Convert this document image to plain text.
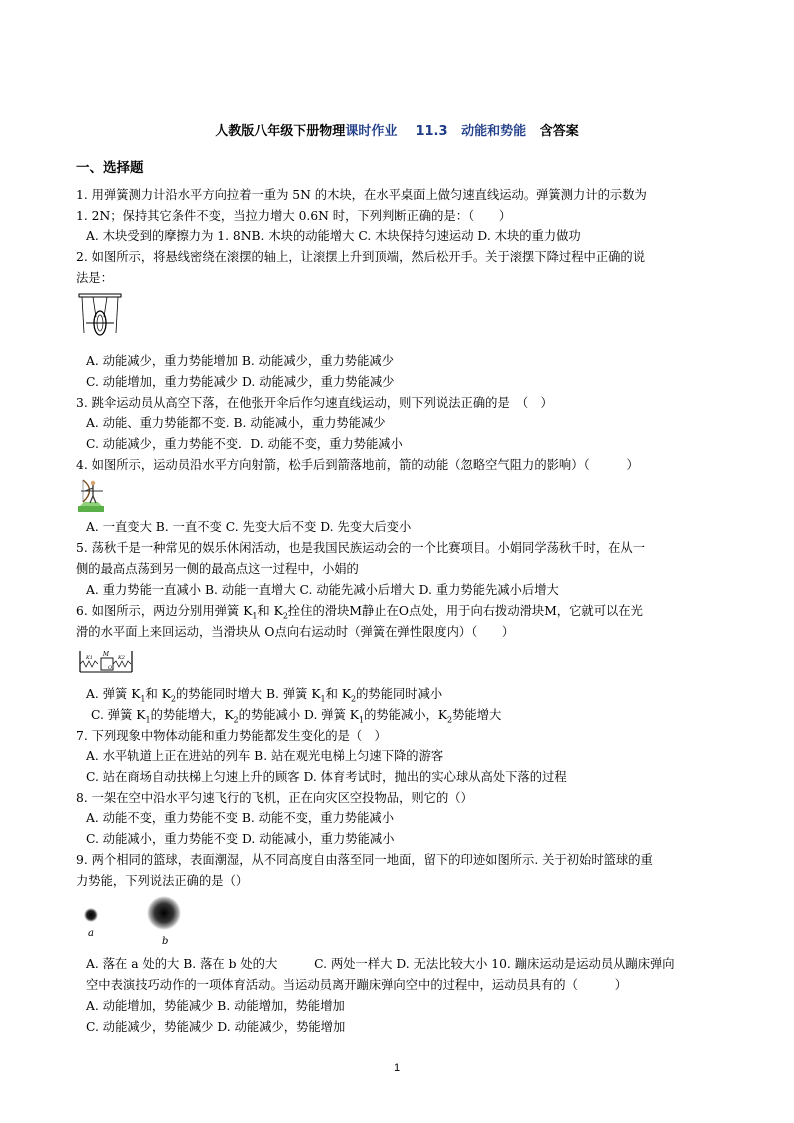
人教版八年级下册物理课时作业 11.3 动能和势能 含答案
一、选择题
1. 用弹簧测力计沿水平方向拉着一重为 5N 的木块，在水平桌面上做匀速直线运动。弹簧测力计的示数为
1. 2N；保持其它条件不变，当拉力增大 0.6N 时，下列判断正确的是：（　　）
A. 木块受到的摩擦力为 1. 8NB. 木块的动能增大 C. 木块保持匀速运动 D. 木块的重力做功
2. 如图所示，将悬线密绕在滚摆的轴上，让滚摆上升到顶端，然后松开手。关于滚摆下降过程中正确的说
法是：
A. 动能减少，重力势能增加 B. 动能减少，重力势能减少
C. 动能增加，重力势能减少 D. 动能减少，重力势能减少
3. 跳伞运动员从高空下落，在他张开伞后作匀速直线运动，则下列说法正确的是　（　）
A. 动能、重力势能都不变. B. 动能减小，重力势能减少
C. 动能减少，重力势能不变．D. 动能不变，重力势能减小
4. 如图所示，运动员沿水平方向射箭，松手后到箭落地前，箭的动能（忽略空气阻力的影响）（　　　）
A. 一直变大 B. 一直不变 C. 先变大后不变 D. 先变大后变小
5. 荡秋千是一种常见的娱乐休闲活动，也是我国民族运动会的一个比赛项目。小娟同学荡秋千时，在从一
侧的最高点荡到另一侧的最高点这一过程中，小娟的
A. 重力势能一直减小 B. 动能一直增大 C. 动能先减小后增大 D. 重力势能先减小后增大
6. 如图所示，两边分别用弹簧 $K_1$和 $K_2$拴住的滑块M静止在O点处，用于向右拨动滑块M，它就可以在光
滑的水平面上来回运动，当滑块从 O点向右运动时（弹簧在弹性限度内）（　　）
M
K1	K2
O
A. 弹簧 $K_1$和 $K_2$的势能同时增大 B. 弹簧 $K_1$和 $K_2$的势能同时减小
C. 弹簧 $K_1$的势能增大，$K_2$的势能减小 D. 弹簧 $K_1$的势能减小，$K_2$势能增大
7. 下列现象中物体动能和重力势能都发生变化的是（　）
A. 水平轨道上正在进站的列车 B. 站在观光电梯上匀速下降的游客
C. 站在商场自动扶梯上匀速上升的顾客 D. 体育考试时，抛出的实心球从高处下落的过程
8. 一架在空中沿水平匀速飞行的飞机，正在向灾区空投物品，则它的（）
A. 动能不变，重力势能不变 B. 动能不变，重力势能减小
C. 动能减小，重力势能不变 D. 动能减小，重力势能减小
9. 两个相同的篮球，表面潮湿，从不同高度自由落至同一地面，留下的印迹如图所示. 关于初始时篮球的重
力势能，下列说法正确的是（）
a
b
A. 落在 a 处的大 B. 落在 b 处的大　　　C. 两处一样大 D. 无法比较大小 10. 蹦床运动是运动员从蹦床弹向
空中表演技巧动作的一项体育活动。当运动员离开蹦床弹向空中的过程中，运动员具有的（　　　）
A. 动能增加，势能减少 B. 动能增加，势能增加
C. 动能减少，势能减少 D. 动能减少，势能增加
1
